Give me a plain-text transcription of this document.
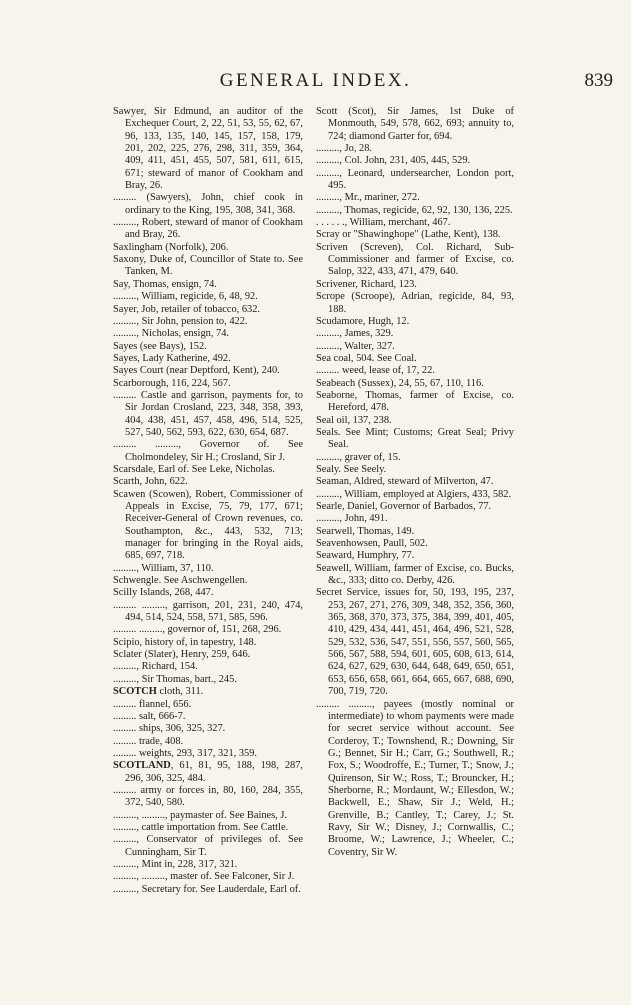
GENERAL INDEX.	839

Sawyer, Sir Edmund, an auditor of the Exchequer Court, 2, 22, 51, 53, 55, 62, 67, 96, 133, 135, 140, 145, 157, 158, 179, 201, 202, 225, 276, 298, 311, 359, 364, 409, 411, 451, 455, 507, 581, 611, 615, 671; steward of manor of Cookham and Bray, 26.

......... (Sawyers), John, chief cook in ordinary to the King, 195, 308, 341, 368.

........., Robert, steward of manor of Cookham and Bray, 26.

Saxlingham (Norfolk), 206.

Saxony, Duke of, Councillor of State to. See Tanken, M.

Say, Thomas, ensign, 74.

........., William, regicide, 6, 48, 92.

Sayer, Job, retailer of tobacco, 632.

........., Sir John, pension to, 422.

........., Nicholas, ensign, 74.

Sayes (see Bays), 152.

Sayes, Lady Katherine, 492.

Sayes Court (near Deptford, Kent), 240.

Scarborough, 116, 224, 567.

......... Castle and garrison, payments for, to Sir Jordan Crosland, 223, 348, 358, 393, 404, 438, 451, 457, 458, 496, 514, 525, 527, 540, 562, 593, 622, 630, 654, 687.

......... ........., Governor of. See Cholmondeley, Sir H.; Crosland, Sir J.

Scarsdale, Earl of. See Leke, Nicholas.

Scarth, John, 622.

Scawen (Scowen), Robert, Commissioner of Appeals in Excise, 75, 79, 177, 671; Receiver-General of Crown revenues, co. Southampton, &c., 443, 532, 713; manager for bringing in the Royal aids, 685, 697, 718.

........., William, 37, 110.

Schwengle. See Aschwengellen.

Scilly Islands, 268, 447.

......... ........., garrison, 201, 231, 240, 474, 494, 514, 524, 558, 571, 585, 596.

......... ........., governor of, 151, 268, 296.

Scipio, history of, in tapestry, 148.

Sclater (Slater), Henry, 259, 646.

........., Richard, 154.

........., Sir Thomas, bart., 245.

SCOTCH cloth, 311.

......... flannel, 656.

......... salt, 666-7.

......... ships, 306, 325, 327.

......... trade, 408.

......... weights, 293, 317, 321, 359.

SCOTLAND, 61, 81, 95, 188, 198, 287, 296, 306, 325, 484.

......... army or forces in, 80, 160, 284, 355, 372, 540, 580.

........., ........., paymaster of. See Baines, J.

........., cattle importation from. See Cattle.

........., Conservator of privileges of. See Cunningham, Sir T.

........., Mint in, 228, 317, 321.

........., ........., master of. See Falconer, Sir J.

........., Secretary for. See Lauderdale, Earl of.

Scott (Scot), Sir James, 1st Duke of Monmouth, 549, 578, 662, 693; annuity to, 724; diamond Garter for, 694.

........., Jo, 28.

........., Col. John, 231, 405, 445, 529.

........., Leonard, undersearcher, London port, 495.

........., Mr., mariner, 272.

........., Thomas, regicide, 62, 92, 130, 136, 225.

. . . . . ., William, merchant, 467.

Scray or "Shawinghope" (Lathe, Kent), 138.

Scriven (Screven), Col. Richard, Sub-Commissioner and farmer of Excise, co. Salop, 322, 433, 471, 479, 640.

Scrivener, Richard, 123.

Scrope (Scroope), Adrian, regicide, 84, 93, 188.

Scudamore, Hugh, 12.

........., James, 329.

........., Walter, 327.

Sea coal, 504. See Coal.

......... weed, lease of, 17, 22.

Seabeach (Sussex), 24, 55, 67, 110, 116.

Seaborne, Thomas, farmer of Excise, co. Hereford, 478.

Seal oil, 137, 238.

Seals. See Mint; Customs; Great Seal; Privy Seal.

........., graver of, 15.

Sealy. See Seely.

Seaman, Aldred, steward of Milverton, 47.

........., William, employed at Algiers, 433, 582.

Searle, Daniel, Governor of Barbados, 77.

........., John, 491.

Searwell, Thomas, 149.

Seavenhowsen, Paull, 502.

Seaward, Humphry, 77.

Seawell, William, farmer of Excise, co. Bucks, &c., 333; ditto co. Derby, 426.

Secret Service, issues for, 50, 193, 195, 237, 253, 267, 271, 276, 309, 348, 352, 356, 360, 365, 368, 370, 373, 375, 384, 399, 401, 405, 410, 429, 434, 441, 451, 464, 496, 521, 528, 529, 532, 536, 547, 551, 556, 557, 560, 565, 566, 567, 588, 594, 601, 605, 608, 613, 614, 624, 627, 629, 630, 644, 648, 649, 650, 651, 653, 656, 658, 661, 664, 665, 667, 688, 690, 700, 719, 720.

......... ........., payees (mostly nominal or intermediate) to whom payments were made for secret service without account. See Corderoy, T.; Townshend, R.; Downing, Sir G.; Bennet, Sir H.; Carr, G.; Southwell, R.; Fox, S.; Woodroffe, E.; Turner, T.; Snow, J.; Quirenson, Sir W.; Ross, T.; Brouncker, H.; Sherborne, R.; Mordaunt, W.; Ellesdon, W.; Backwell, E.; Shaw, Sir J.; Weld, H.; Grenville, B.; Cantley, T.; Carey, J.; St. Ravy, Sir W.; Disney, J.; Cornwallis, C.; Broome, W.; Lawrence, J.; Wheeler, C.; Coventry, Sir W.
